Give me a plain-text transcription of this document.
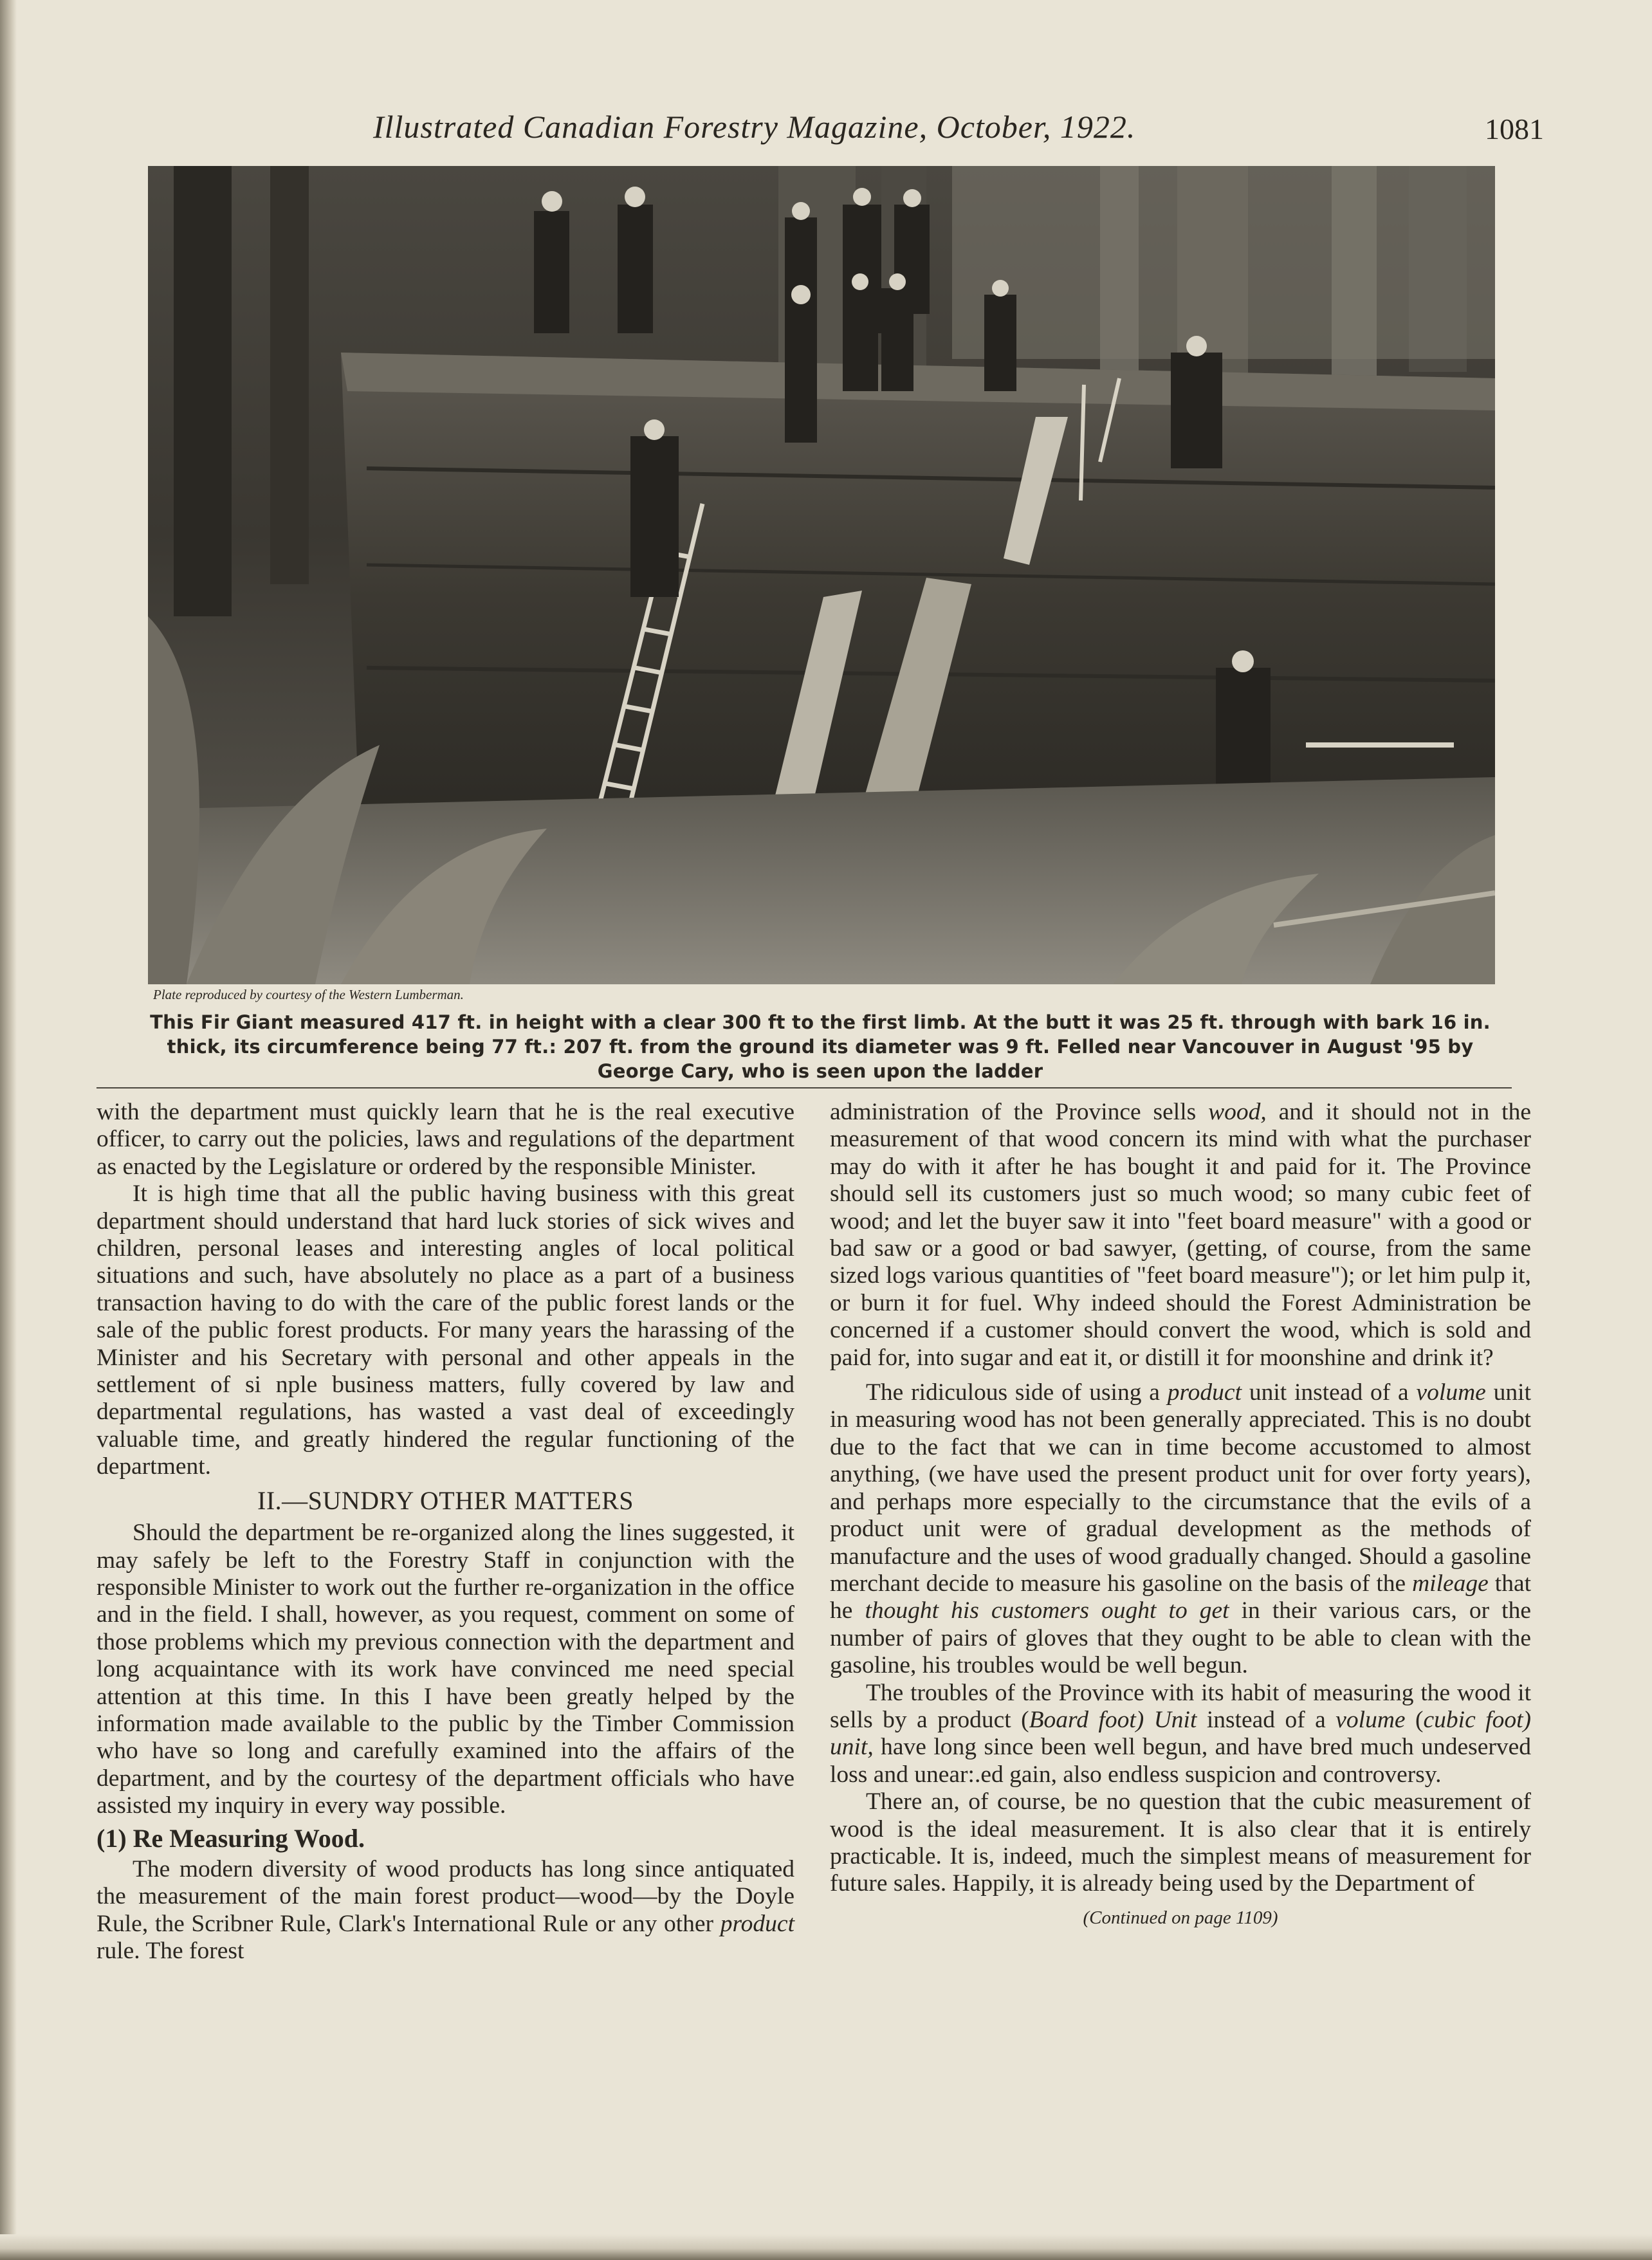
Illustrated Canadian Forestry Magazine, October, 1922.	1081
Plate reproduced by courtesy of the Western Lumberman.
This Fir Giant measured 417 ft. in height with a clear 300 ft to the first limb. At the butt it was 25 ft. through with bark 16 in. thick, its circumference being 77 ft.: 207 ft. from the ground its diameter was 9 ft. Felled near Vancouver in August '95 by George Cary, who is seen upon the ladder

with the department must quickly learn that he is the real executive officer, to carry out the policies, laws and regulations of the department as enacted by the Legislature or ordered by the responsible Minister.

It is high time that all the public having business with this great department should understand that hard luck stories of sick wives and children, personal leases and interesting angles of local political situations and such, have absolutely no place as a part of a business transaction having to do with the care of the public forest lands or the sale of the public forest products. For many years the harassing of the Minister and his Secretary with personal and other appeals in the settlement of si nple business matters, fully covered by law and departmental regulations, has wasted a vast deal of exceedingly valuable time, and greatly hindered the regular functioning of the department.

II.—SUNDRY OTHER MATTERS

Should the department be re-organized along the lines suggested, it may safely be left to the Forestry Staff in conjunction with the responsible Minister to work out the further re-organization in the office and in the field. I shall, however, as you request, comment on some of those problems which my previous connection with the department and long acquaintance with its work have convinced me need special attention at this time. In this I have been greatly helped by the information made available to the public by the Timber Commission who have so long and carefully examined into the affairs of the department, and by the courtesy of the department officials who have assisted my inquiry in every way possible.

(1) Re Measuring Wood.

The modern diversity of wood products has long since antiquated the measurement of the main forest product—wood—by the Doyle Rule, the Scribner Rule, Clark's International Rule or any other product rule. The forest

administration of the Province sells wood, and it should not in the measurement of that wood concern its mind with what the purchaser may do with it after he has bought it and paid for it. The Province should sell its customers just so much wood; so many cubic feet of wood; and let the buyer saw it into "feet board measure" with a good or bad saw or a good or bad sawyer, (getting, of course, from the same sized logs various quantities of "feet board measure"); or let him pulp it, or burn it for fuel. Why indeed should the Forest Administration be concerned if a customer should convert the wood, which is sold and paid for, into sugar and eat it, or distill it for moonshine and drink it?

The ridiculous side of using a product unit instead of a volume unit in measuring wood has not been generally appreciated. This is no doubt due to the fact that we can in time become accustomed to almost anything, (we have used the present product unit for over forty years), and perhaps more especially to the circumstance that the evils of a product unit were of gradual development as the methods of manufacture and the uses of wood gradually changed. Should a gasoline merchant decide to measure his gasoline on the basis of the mileage that he thought his customers ought to get in their various cars, or the number of pairs of gloves that they ought to be able to clean with the gasoline, his troubles would be well begun.

The troubles of the Province with its habit of measuring the wood it sells by a product (Board foot) Unit instead of a volume (cubic foot) unit, have long since been well begun, and have bred much undeserved loss and unear:.ed gain, also endless suspicion and controversy.

There an, of course, be no question that the cubic measurement of wood is the ideal measurement. It is also clear that it is entirely practicable. It is, indeed, much the simplest means of measurement for future sales. Happily, it is already being used by the Department of

(Continued on page 1109)
